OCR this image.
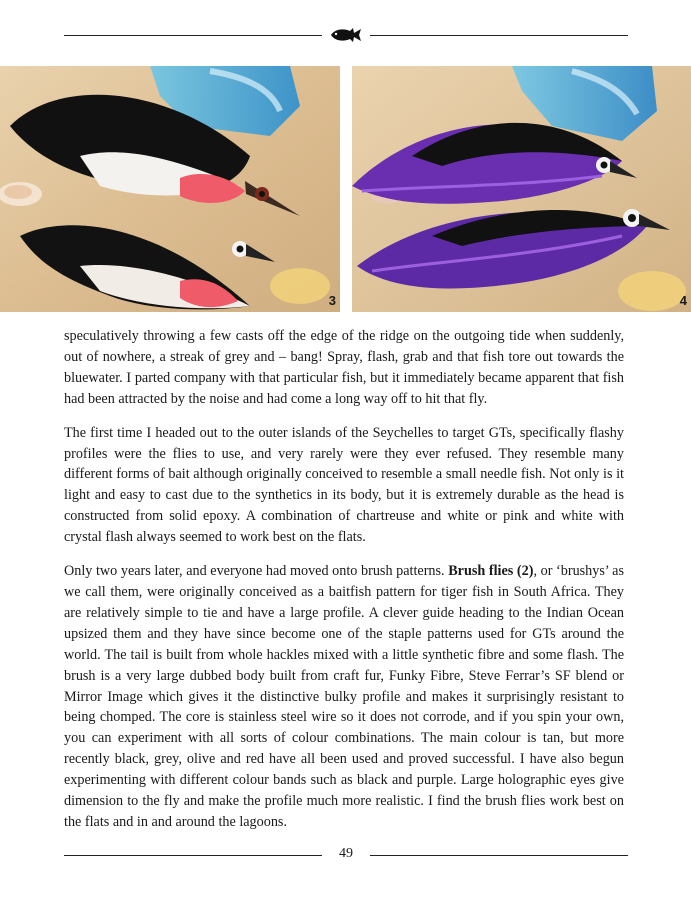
3	4

speculatively throwing a few casts off the edge of the ridge on the outgoing tide when suddenly, out of nowhere, a streak of grey and – bang! Spray, flash, grab and that fish tore out towards the bluewater. I parted company with that particular fish, but it immediately became apparent that fish had been attracted by the noise and had come a long way off to hit that fly.

The first time I headed out to the outer islands of the Seychelles to target GTs, specifically flashy profiles were the flies to use, and very rarely were they ever refused. They resemble many different forms of bait although originally conceived to resemble a small needle fish. Not only is it light and easy to cast due to the synthetics in its body, but it is extremely durable as the head is constructed from solid epoxy. A combination of chartreuse and white or pink and white with crystal flash always seemed to work best on the flats.

Only two years later, and everyone had moved onto brush patterns. Brush flies (2), or ‘brushys’ as we call them, were originally conceived as a baitfish pattern for tiger fish in South Africa. They are relatively simple to tie and have a large profile. A clever guide heading to the Indian Ocean upsized them and they have since become one of the staple patterns used for GTs around the world. The tail is built from whole hackles mixed with a little synthetic fibre and some flash. The brush is a very large dubbed body built from craft fur, Funky Fibre, Steve Ferrar’s SF blend or Mirror Image which gives it the distinctive bulky profile and makes it surprisingly resistant to being chomped. The core is stainless steel wire so it does not corrode, and if you spin your own, you can experiment with all sorts of colour combinations. The main colour is tan, but more recently black, grey, olive and red have all been used and proved successful. I have also begun experimenting with different colour bands such as black and purple. Large holographic eyes give dimension to the fly and make the profile much more realistic. I find the brush flies work best on the flats and in and around the lagoons.

49
